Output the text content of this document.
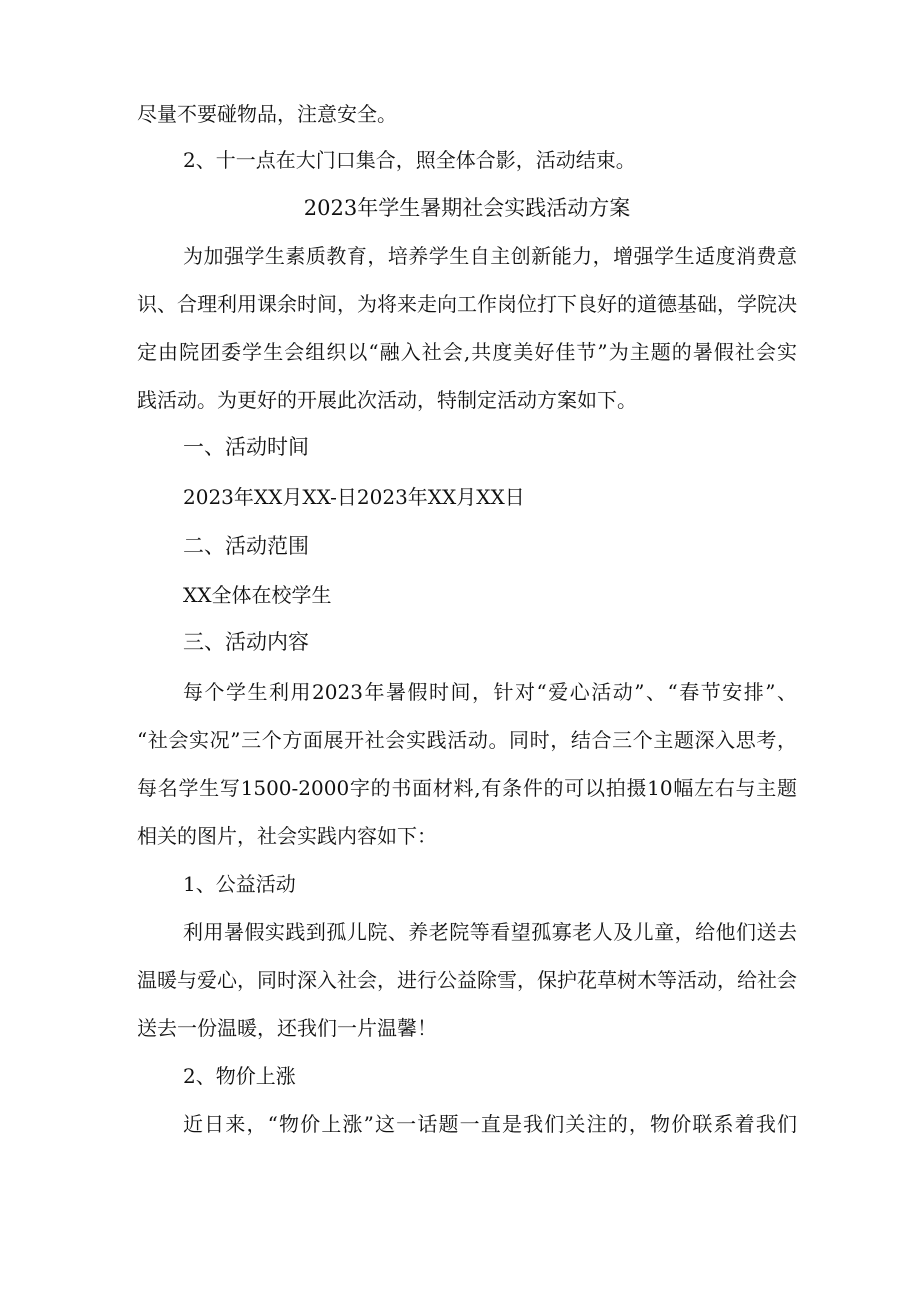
尽量不要碰物品，注意安全。

2、十一点在大门口集合，照全体合影，活动结束。

2023年学生暑期社会实践活动方案

为加强学生素质教育，培养学生自主创新能力，增强学生适度消费意

识、合理利用课余时间，为将来走向工作岗位打下良好的道德基础，学院决

定由院团委学生会组织以“融入社会,共度美好佳节”为主题的暑假社会实

践活动。为更好的开展此次活动，特制定活动方案如下。

一、活动时间

2023年XX月XX-日2023年XX月XX日

二、活动范围

XX全体在校学生

三、活动内容

每个学生利用2023年暑假时间，针对“爱心活动”、“春节安排”、

“社会实况”三个方面展开社会实践活动。同时，结合三个主题深入思考，

每名学生写1500-2000字的书面材料,有条件的可以拍摄10幅左右与主题

相关的图片，社会实践内容如下：

1、公益活动

利用暑假实践到孤儿院、养老院等看望孤寡老人及儿童，给他们送去

温暖与爱心，同时深入社会，进行公益除雪，保护花草树木等活动，给社会

送去一份温暖，还我们一片温馨！

2、物价上涨

近日来，“物价上涨”这一话题一直是我们关注的，物价联系着我们
